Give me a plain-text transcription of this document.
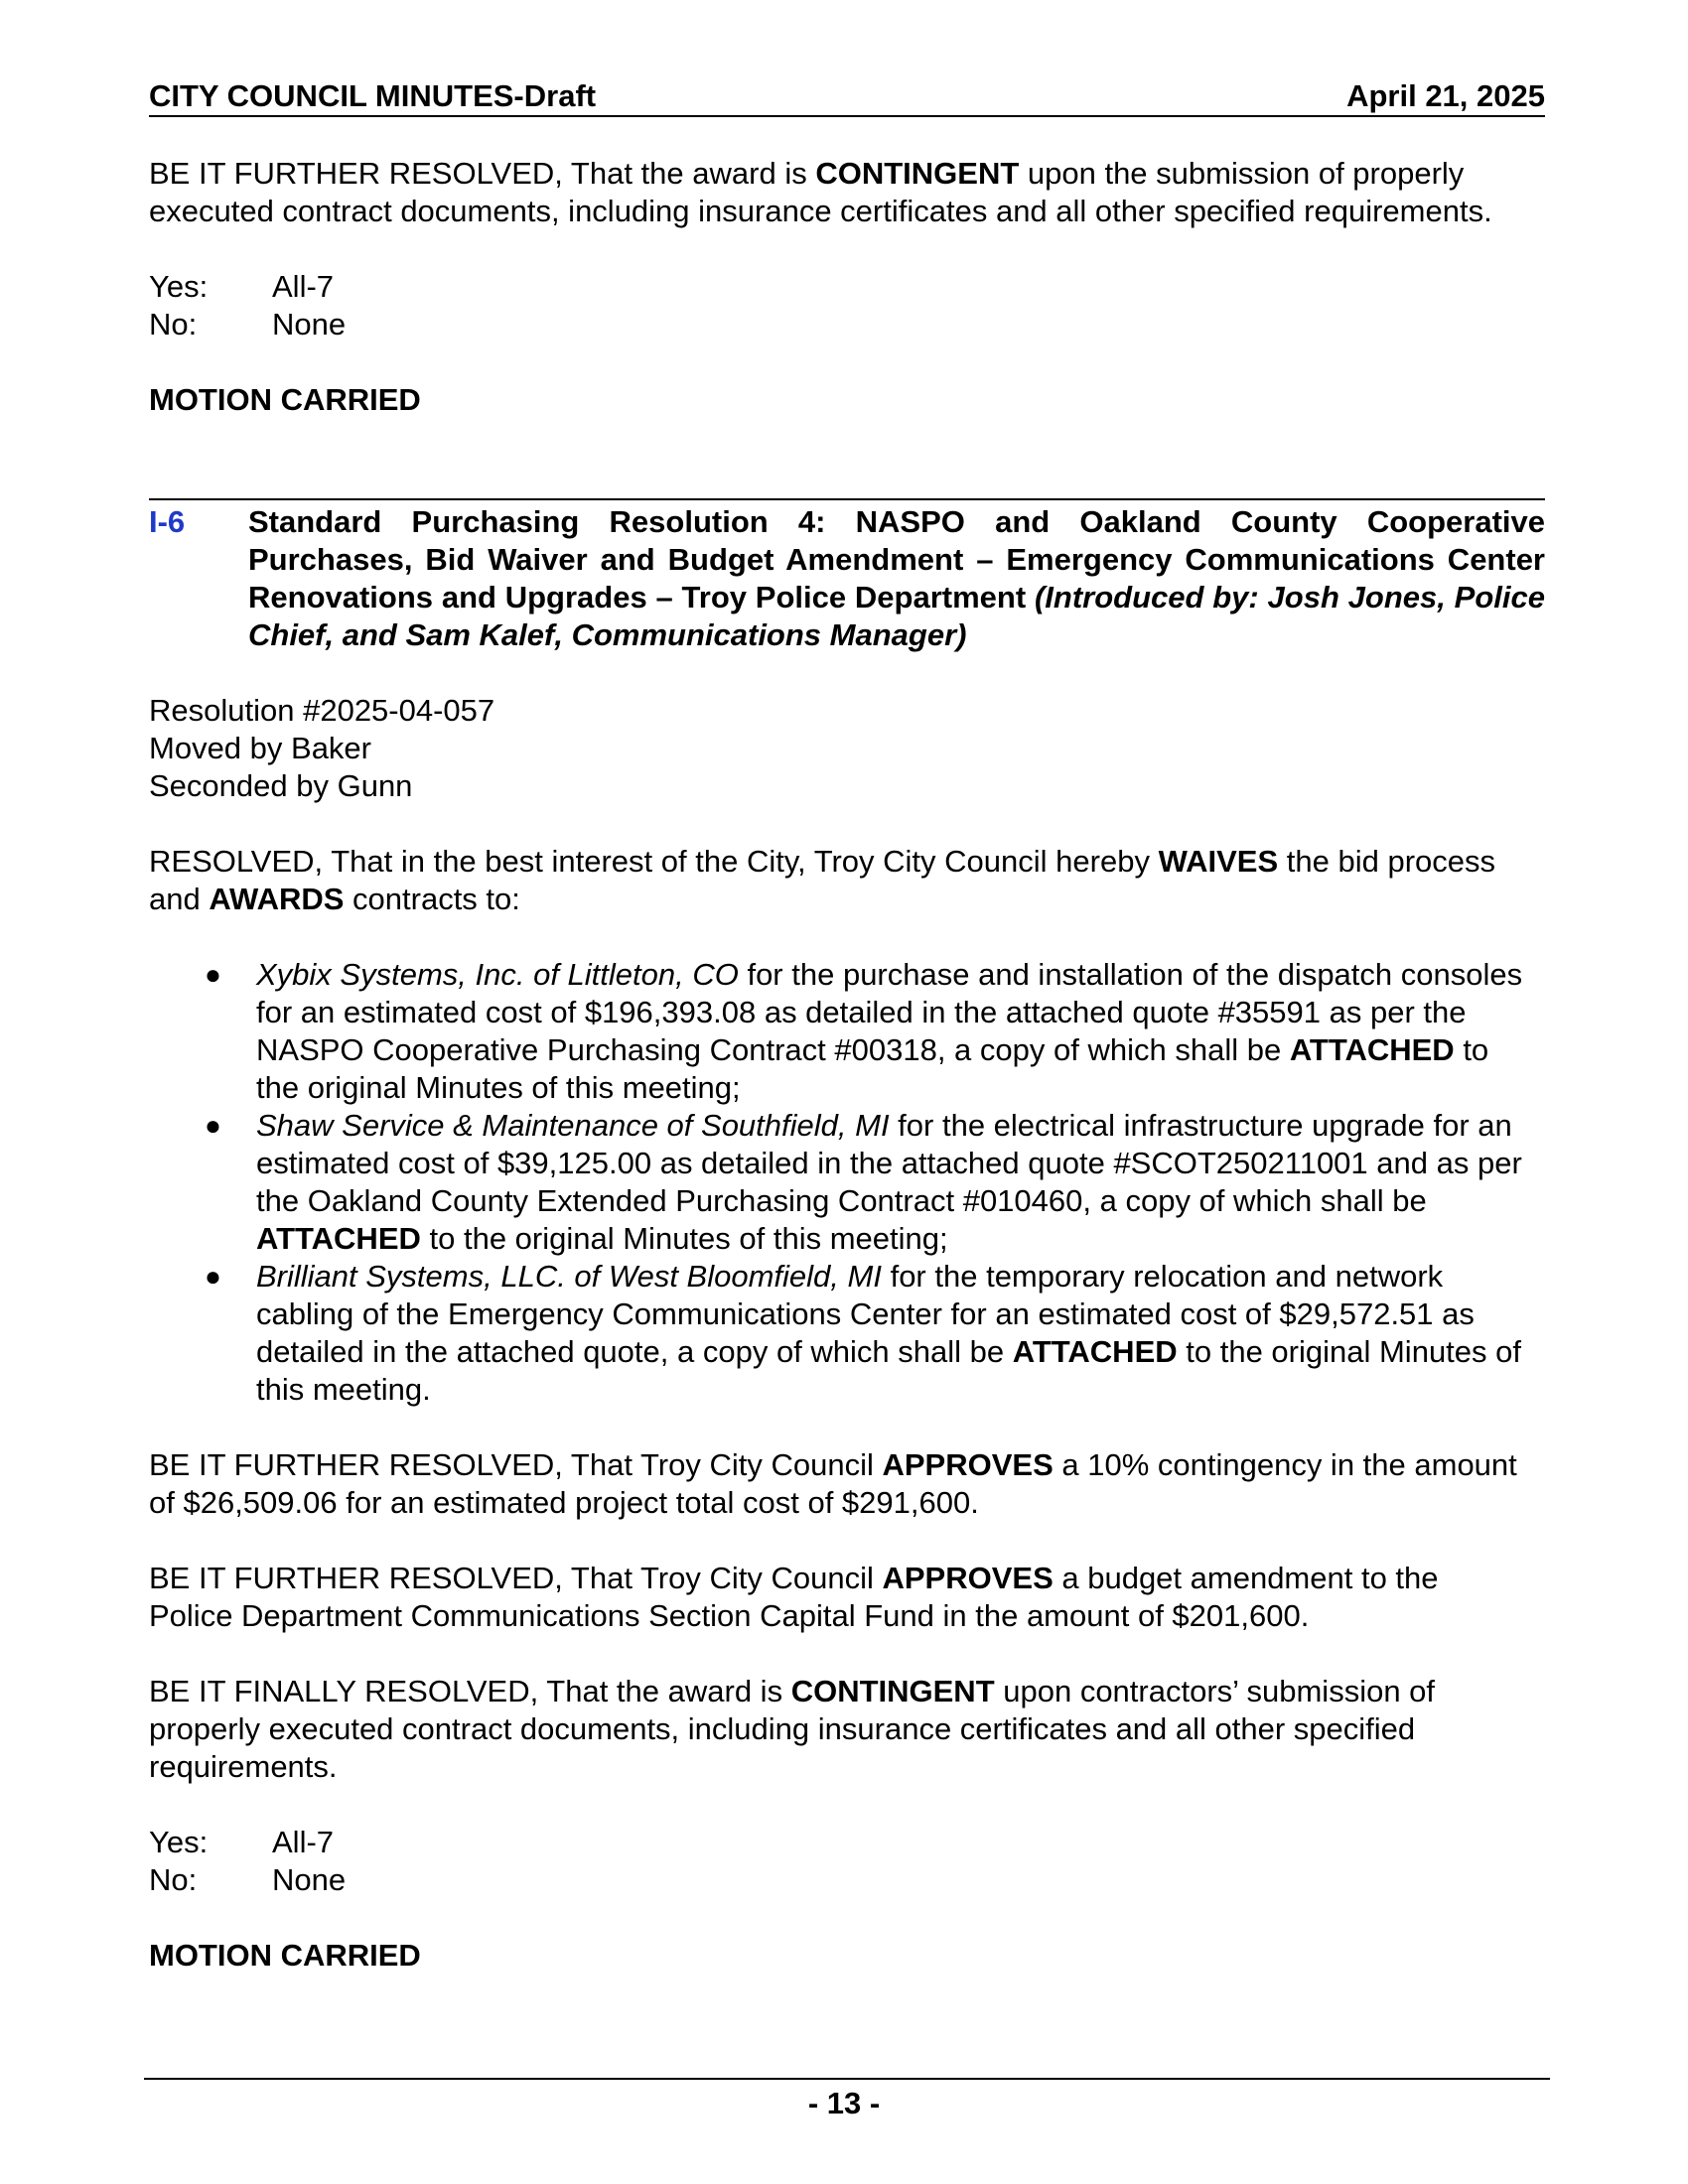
CITY COUNCIL MINUTES-Draft	April 21, 2025

BE IT FURTHER RESOLVED, That the award is CONTINGENT upon the submission of properly executed contract documents, including insurance certificates and all other specified requirements.

Yes:	All-7
No:	None

MOTION CARRIED

I-6	Standard Purchasing Resolution 4: NASPO and Oakland County Cooperative Purchases, Bid Waiver and Budget Amendment – Emergency Communications Center Renovations and Upgrades – Troy Police Department (Introduced by: Josh Jones, Police Chief, and Sam Kalef, Communications Manager)

Resolution #2025-04-057

Moved by Baker

Seconded by Gunn

RESOLVED, That in the best interest of the City, Troy City Council hereby WAIVES the bid process and AWARDS contracts to:

● Xybix Systems, Inc. of Littleton, CO for the purchase and installation of the dispatch consoles for an estimated cost of $196,393.08 as detailed in the attached quote #35591 as per the NASPO Cooperative Purchasing Contract #00318, a copy of which shall be ATTACHED to the original Minutes of this meeting;
● Shaw Service & Maintenance of Southfield, MI for the electrical infrastructure upgrade for an estimated cost of $39,125.00 as detailed in the attached quote #SCOT250211001 and as per the Oakland County Extended Purchasing Contract #010460, a copy of which shall be ATTACHED to the original Minutes of this meeting;
● Brilliant Systems, LLC. of West Bloomfield, MI for the temporary relocation and network cabling of the Emergency Communications Center for an estimated cost of $29,572.51 as detailed in the attached quote, a copy of which shall be ATTACHED to the original Minutes of this meeting.

BE IT FURTHER RESOLVED, That Troy City Council APPROVES a 10% contingency in the amount of $26,509.06 for an estimated project total cost of $291,600.

BE IT FURTHER RESOLVED, That Troy City Council APPROVES a budget amendment to the Police Department Communications Section Capital Fund in the amount of $201,600.

BE IT FINALLY RESOLVED, That the award is CONTINGENT upon contractors’ submission of properly executed contract documents, including insurance certificates and all other specified requirements.

Yes:	All-7
No:	None

MOTION CARRIED

- 13 -
